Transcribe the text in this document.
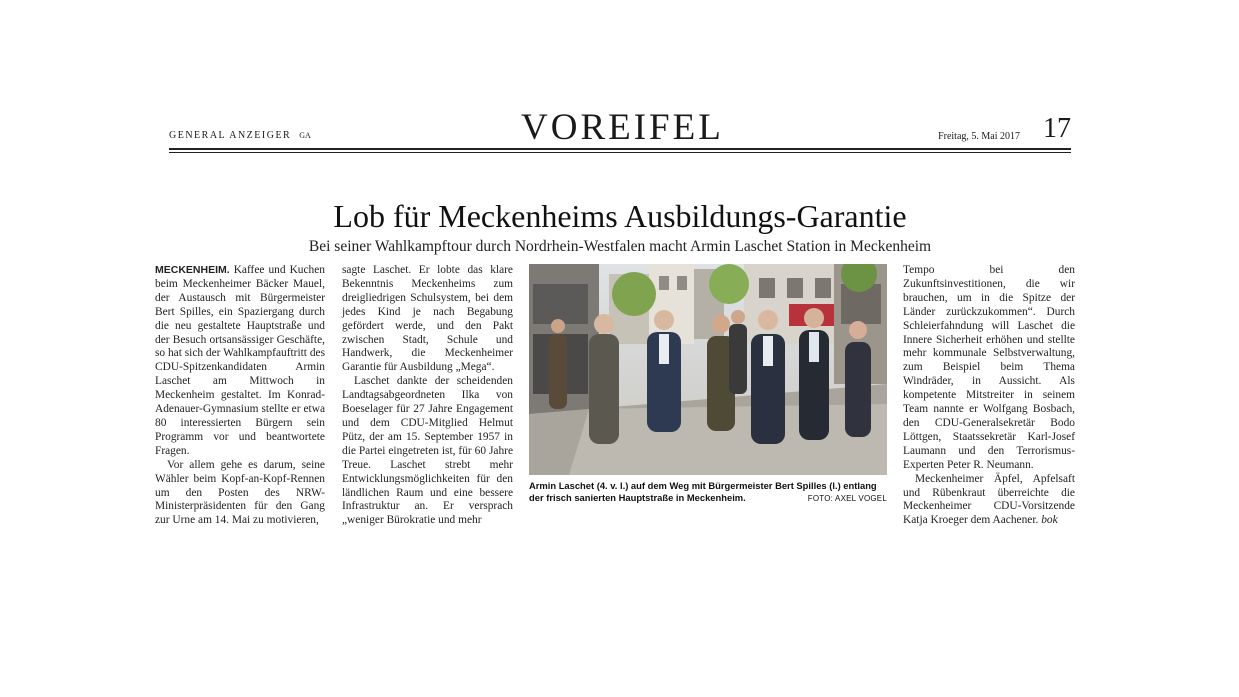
GENERAL ANZEIGER GA	VOREIFEL	Freitag, 5. Mai 2017 17
Lob für Meckenheims Ausbildungs-Garantie
Bei seiner Wahlkampftour durch Nordrhein-Westfalen macht Armin Laschet Station in Meckenheim

MECKENHEIM. Kaffee und Kuchen beim Meckenheimer Bäcker Mauel, der Austausch mit Bürgermeister Bert Spilles, ein Spaziergang durch die neu gestaltete Hauptstraße und der Besuch ortsansässiger Geschäfte, so hat sich der Wahlkampfauftritt des CDU-Spitzenkandidaten Armin Laschet am Mittwoch in Meckenheim gestaltet. Im Konrad-Adenauer-Gymnasium stellte er etwa 80 interessierten Bürgern sein Programm vor und beantwortete Fragen.

Vor allem gehe es darum, seine Wähler beim Kopf-an-Kopf-Rennen um den Posten des NRW-Ministerpräsidenten für den Gang zur Urne am 14. Mai zu motivieren,

sagte Laschet. Er lobte das klare Bekenntnis Meckenheims zum dreigliedrigen Schulsystem, bei dem jedes Kind je nach Begabung gefördert werde, und den Pakt zwischen Stadt, Schule und Handwerk, die Meckenheimer Garantie für Ausbildung „Mega“.

Laschet dankte der scheidenden Landtagsabgeordneten Ilka von Boeselager für 27 Jahre Engagement und dem CDU-Mitglied Helmut Pütz, der am 15. September 1957 in die Partei eingetreten ist, für 60 Jahre Treue. Laschet strebt mehr Entwicklungsmöglichkeiten für den ländlichen Raum und eine bessere Infrastruktur an. Er versprach „weniger Bürokratie und mehr

Armin Laschet (4. v. l.) auf dem Weg mit Bürgermeister Bert Spilles (l.) entlang der frisch sanierten Hauptstraße in Meckenheim.	FOTO: AXEL VOGEL

Tempo bei den Zukunftsinvestitionen, die wir brauchen, um in die Spitze der Länder zurückzukommen“. Durch Schleierfahndung will Laschet die Innere Sicherheit erhöhen und stellte mehr kommunale Selbstverwaltung, zum Beispiel beim Thema Windräder, in Aussicht. Als kompetente Mitstreiter in seinem Team nannte er Wolfgang Bosbach, den CDU-Generalsekretär Bodo Löttgen, Staatssekretär Karl-Josef Laumann und den Terrorismus-Experten Peter R. Neumann.

Meckenheimer Äpfel, Apfelsaft und Rübenkraut überreichte die Meckenheimer CDU-Vorsitzende Katja Kroeger dem Aachener. bok
